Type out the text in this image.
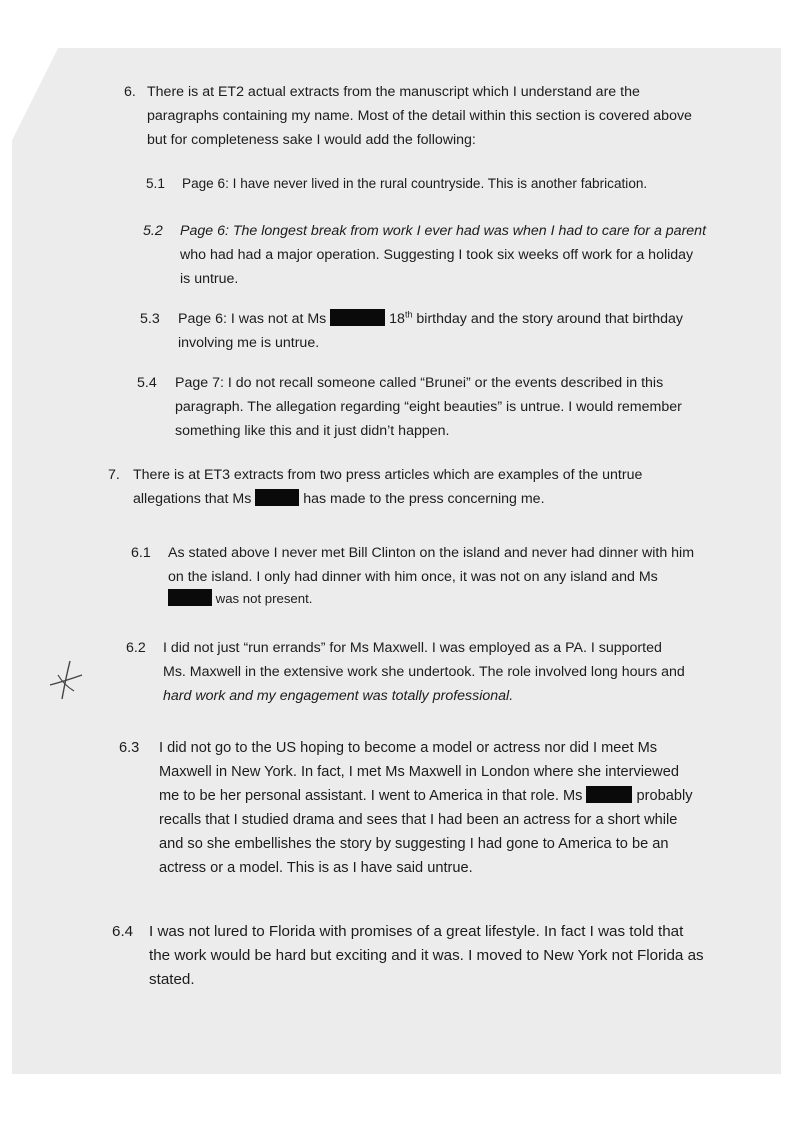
6. There is at ET2 actual extracts from the manuscript which I understand are the
paragraphs containing my name. Most of the detail within this section is covered above
but for completeness sake I would add the following:
5.1 Page 6: I have never lived in the rural countryside. This is another fabrication.
5.2 Page 6: The longest break from work I ever had was when I had to care for a parent
who had had a major operation. Suggesting I took six weeks off work for a holiday
is untrue.
5.3 Page 6: I was not at Ms	18th birthday and the story around that birthday
involving me is untrue.
5.4 Page 7: I do not recall someone called “Brunei” or the events described in this
paragraph. The allegation regarding “eight beauties” is untrue. I would remember
something like this and it just didn’t happen.
7. There is at ET3 extracts from two press articles which are examples of the untrue
allegations that Ms	has made to the press concerning me.
6.1 As stated above I never met Bill Clinton on the island and never had dinner with him
on the island. I only had dinner with him once, it was not on any island and Ms
was not present.
6.2 I did not just “run errands” for Ms Maxwell. I was employed as a PA. I supported
Ms. Maxwell in the extensive work she undertook. The role involved long hours and
hard work and my engagement was totally professional.
6.3 I did not go to the US hoping to become a model or actress nor did I meet Ms
Maxwell in New York. In fact, I met Ms Maxwell in London where she interviewed
me to be her personal assistant. I went to America in that role. Ms	probably
recalls that I studied drama and sees that I had been an actress for a short while
and so she embellishes the story by suggesting I had gone to America to be an
actress or a model. This is as I have said untrue.
6.4 I was not lured to Florida with promises of a great lifestyle. In fact I was told that
the work would be hard but exciting and it was. I moved to New York not Florida as
stated.
